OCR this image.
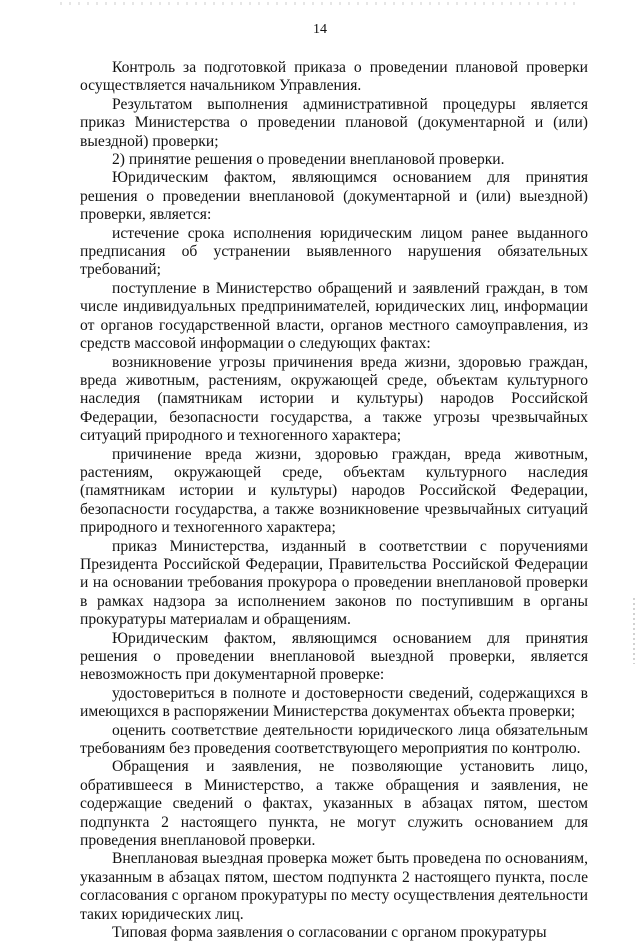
14

Контроль за подготовкой приказа о проведении плановой проверки осуществляется начальником Управления.

Результатом выполнения административной процедуры является приказ Министерства о проведении плановой (документарной и (или) выездной) проверки;

2) принятие решения о проведении внеплановой проверки.

Юридическим фактом, являющимся основанием для принятия решения о проведении внеплановой (документарной и (или) выездной) проверки, является:

истечение срока исполнения юридическим лицом ранее выданного предписания об устранении выявленного нарушения обязательных требований;

поступление в Министерство обращений и заявлений граждан, в том числе индивидуальных предпринимателей, юридических лиц, информации от органов государственной власти, органов местного самоуправления, из средств массовой информации о следующих фактах:

возникновение угрозы причинения вреда жизни, здоровью граждан, вреда животным, растениям, окружающей среде, объектам культурного наследия (памятникам истории и культуры) народов Российской Федерации, безопасности государства, а также угрозы чрезвычайных ситуаций природного и техногенного характера;

причинение вреда жизни, здоровью граждан, вреда животным, растениям, окружающей среде, объектам культурного наследия (памятникам истории и культуры) народов Российской Федерации, безопасности государства, а также возникновение чрезвычайных ситуаций природного и техногенного характера;

приказ Министерства, изданный в соответствии с поручениями Президента Российской Федерации, Правительства Российской Федерации и на основании требования прокурора о проведении внеплановой проверки в рамках надзора за исполнением законов по поступившим в органы прокуратуры материалам и обращениям.

Юридическим фактом, являющимся основанием для принятия решения о проведении внеплановой выездной проверки, является невозможность при документарной проверке:

удостовериться в полноте и достоверности сведений, содержащихся в имеющихся в распоряжении Министерства документах объекта проверки;

оценить соответствие деятельности юридического лица обязательным требованиям без проведения соответствующего мероприятия по контролю.

Обращения и заявления, не позволяющие установить лицо, обратившееся в Министерство, а также обращения и заявления, не содержащие сведений о фактах, указанных в абзацах пятом, шестом подпункта 2 настоящего пункта, не могут служить основанием для проведения внеплановой проверки.

Внеплановая выездная проверка может быть проведена по основаниям, указанным в абзацах пятом, шестом подпункта 2 настоящего пункта, после согласования с органом прокуратуры по месту осуществления деятельности таких юридических лиц.

Типовая форма заявления о согласовании с органом прокуратуры
